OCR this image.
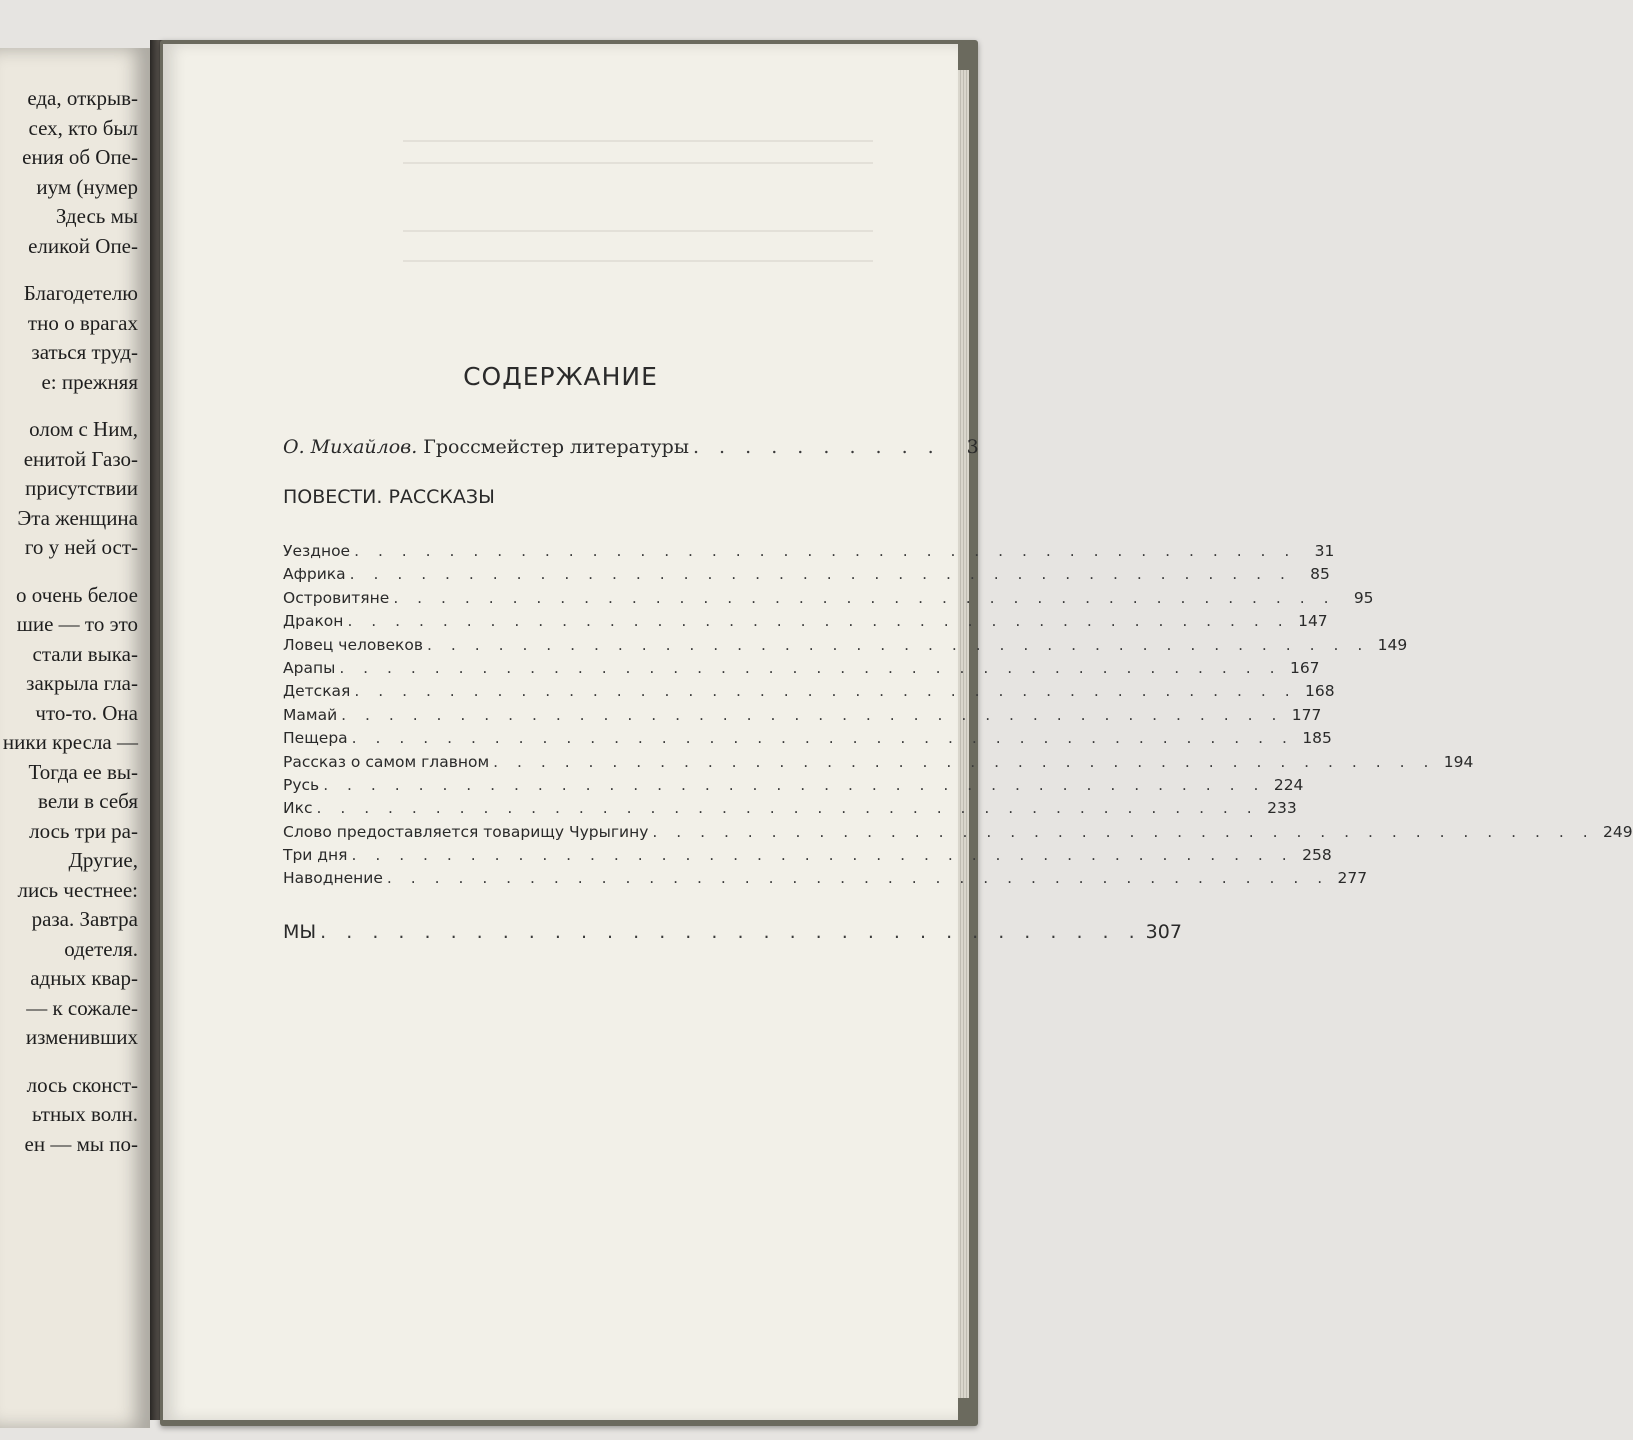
еда, открыв-
сех, кто был
ения об Опе-
иум (нумер
Здесь мы
еликой Опе-
Благодетелю
тно о врагах
заться труд-
е: прежняя
олом с Ним,
енитой Газо-
присутствии
Эта женщина
го у ней ост-
о очень белое
шие — то это
стали выка-
закрыла гла-
что-то. Она
ники кресла —
Тогда ее вы-
вели в себя
лось три ра-
Другие,
лись честнее:
раза. Завтра
одетеля.
адных квар-
— к сожале-
изменивших
лось сконст-
ьтных волн.
ен — мы по-
СОДЕРЖАНИЕ
О. Михайлов. Гроссмейстер литературы . . . . . . . . . .	3
ПОВЕСТИ. РАССКАЗЫ
Уездное . . . . . . . . . . . . . . . . . . . . . . . . . . . . . . . . . . . . . . . .	31
Африка . . . . . . . . . . . . . . . . . . . . . . . . . . . . . . . . . . . . . . . .	85
Островитяне . . . . . . . . . . . . . . . . . . . . . . . . . . . . . . . . . . . . . . . .	95
Дракон . . . . . . . . . . . . . . . . . . . . . . . . . . . . . . . . . . . . . . . . 147
Ловец человеков . . . . . . . . . . . . . . . . . . . . . . . . . . . . . . . . . . . . . . . . 149
Арапы . . . . . . . . . . . . . . . . . . . . . . . . . . . . . . . . . . . . . . . . 167
Детская . . . . . . . . . . . . . . . . . . . . . . . . . . . . . . . . . . . . . . . . 168
Мамай . . . . . . . . . . . . . . . . . . . . . . . . . . . . . . . . . . . . . . . . 177
Пещера . . . . . . . . . . . . . . . . . . . . . . . . . . . . . . . . . . . . . . . . 185
Рассказ о самом главном . . . . . . . . . . . . . . . . . . . . . . . . . . . . . . . . . . . . . . . . 194
Русь . . . . . . . . . . . . . . . . . . . . . . . . . . . . . . . . . . . . . . . . 224
Икс . . . . . . . . . . . . . . . . . . . . . . . . . . . . . . . . . . . . . . . . 233
Слово предоставляется товарищу Чурыгину . . . . . . . . . . . . . . . . . . . . . . . . . . . . . . . . . . . . . . . . 249
Три дня . . . . . . . . . . . . . . . . . . . . . . . . . . . . . . . . . . . . . . . . 258
Наводнение . . . . . . . . . . . . . . . . . . . . . . . . . . . . . . . . . . . . . . . . 277
МЫ . . . . . . . . . . . . . . . . . . . . . . . . . . . . . . . . 307
